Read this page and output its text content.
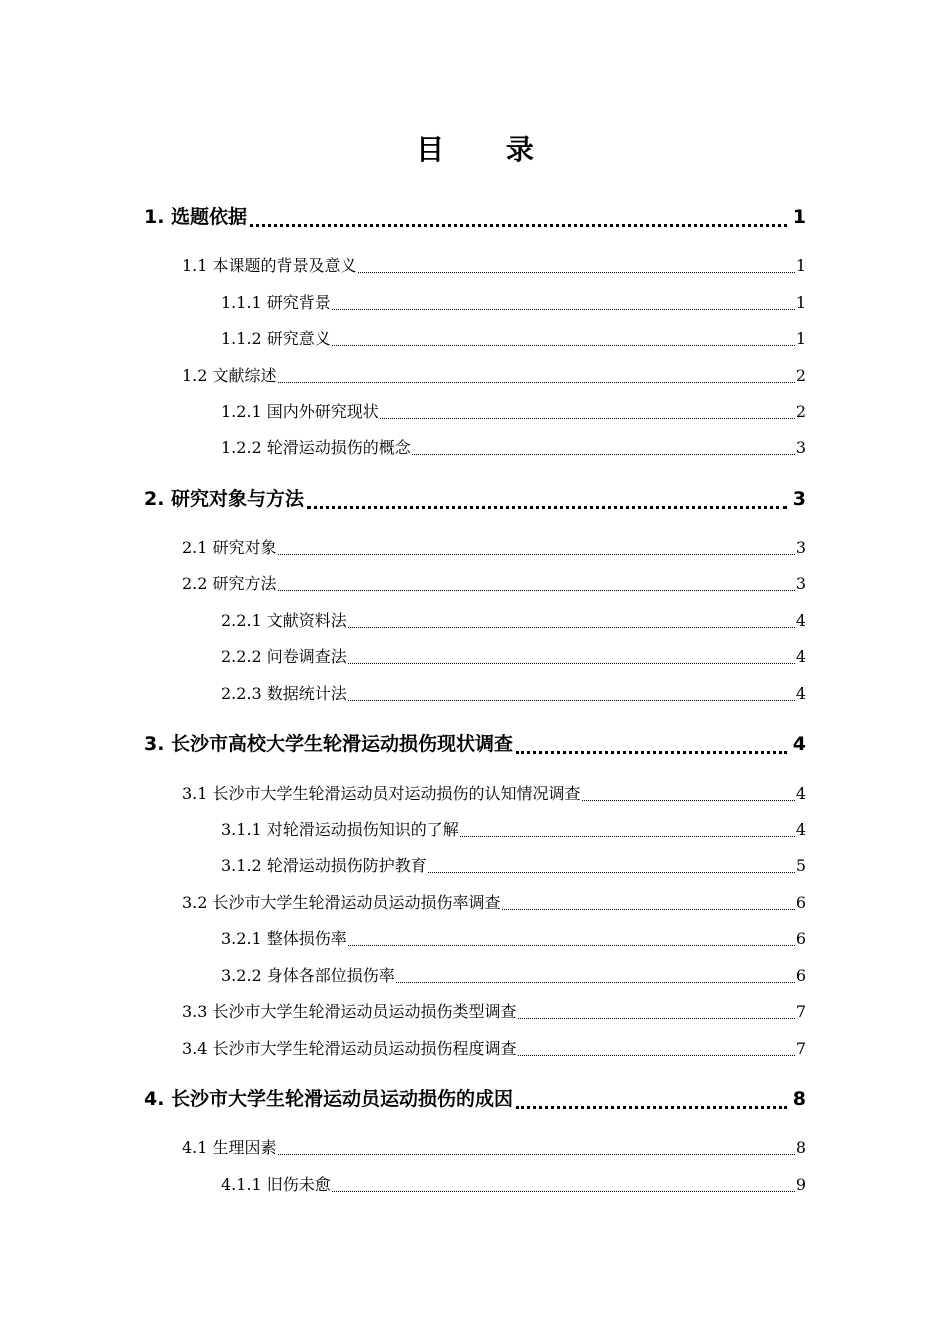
目 录
1. 选题依据	1
1.1 本课题的背景及意义	1
1.1.1 研究背景	1
1.1.2 研究意义	1
1.2 文献综述	2
1.2.1 国内外研究现状	2
1.2.2 轮滑运动损伤的概念	3
2. 研究对象与方法	3
2.1 研究对象	3
2.2 研究方法	3
2.2.1 文献资料法	4
2.2.2 问卷调查法	4
2.2.3 数据统计法	4
3. 长沙市高校大学生轮滑运动损伤现状调查	4
3.1 长沙市大学生轮滑运动员对运动损伤的认知情况调查	4
3.1.1 对轮滑运动损伤知识的了解	4
3.1.2 轮滑运动损伤防护教育	5
3.2 长沙市大学生轮滑运动员运动损伤率调查	6
3.2.1 整体损伤率	6
3.2.2 身体各部位损伤率	6
3.3 长沙市大学生轮滑运动员运动损伤类型调查	7
3.4 长沙市大学生轮滑运动员运动损伤程度调查	7
4. 长沙市大学生轮滑运动员运动损伤的成因	8
4.1 生理因素	8
4.1.1 旧伤未愈	9
